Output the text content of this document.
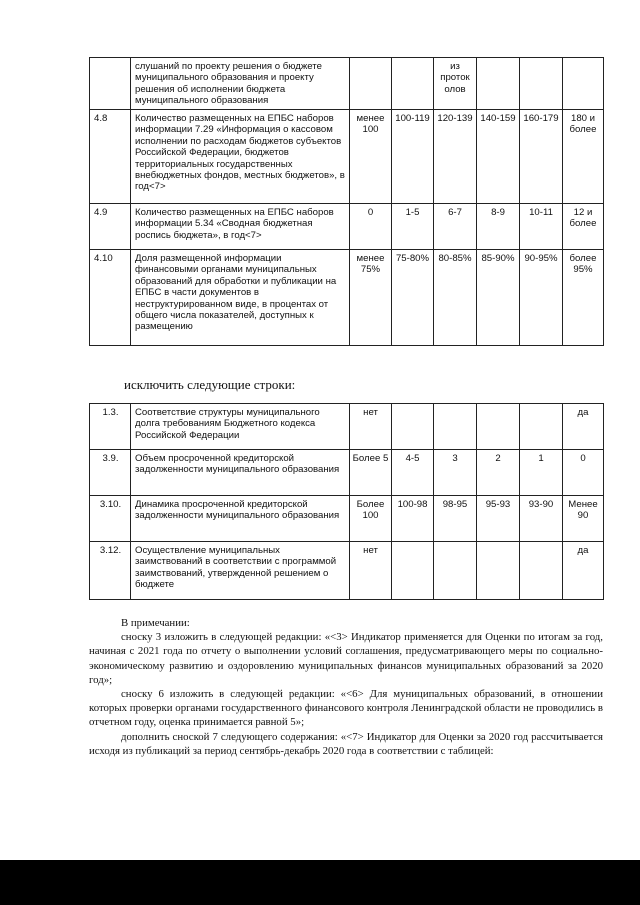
	слушаний по проекту решения о бюджете муниципального образования и проекту решения об исполнении бюджета муниципального образования			из проток олов			
4.8	Количество размещенных на ЕПБС наборов информации 7.29 «Информация о кассовом исполнении по расходам бюджетов субъектов Российской Федерации, бюджетов территориальных государственных внебюджетных фондов, местных бюджетов», в год<7>	менее 100	100-119	120-139	140-159	160-179	180 и более
4.9	Количество размещенных на ЕПБС наборов информации 5.34 «Сводная бюджетная роспись бюджета», в год<7>	0	1-5	6-7	8-9	10-11	12 и более
4.10	Доля размещенной информации финансовыми органами муниципальных образований для обработки и публикации на ЕПБС в части документов в неструктурированном виде, в процентах от общего числа показателей, доступных к размещению	менее 75%	75-80%	80-85%	85-90%	90-95%	более 95%

исключить следующие строки:

1.3.	Соответствие структуры муниципального долга требованиям Бюджетного кодекса Российской Федерации	нет					да
3.9.	Объем просроченной кредиторской задолженности муниципального образования	Более 5	4-5	3	2	1	0
3.10.	Динамика просроченной кредиторской задолженности муниципального образования	Более 100	100-98	98-95	95-93	93-90	Менее 90
3.12.	Осуществление муниципальных заимствований в соответствии с программой заимствований, утвержденной решением о бюджете	нет					да

В примечании:

сноску 3 изложить в следующей редакции: «<3> Индикатор применяется для Оценки по итогам за год, начиная с 2021 года по отчету о выполнении условий соглашения, предусматривающего меры по социально-экономическому развитию и оздоровлению муниципальных финансов муниципальных образований за 2020 год»;

сноску 6 изложить в следующей редакции: «<6> Для муниципальных образований, в отношении которых проверки органами государственного финансового контроля Ленинградской области не проводились в отчетном году, оценка принимается равной 5»;

дополнить сноской 7 следующего содержания: «<7> Индикатор для Оценки за 2020 год рассчитывается исходя из публикаций за период сентябрь-декабрь 2020 года в соответствии с таблицей:
